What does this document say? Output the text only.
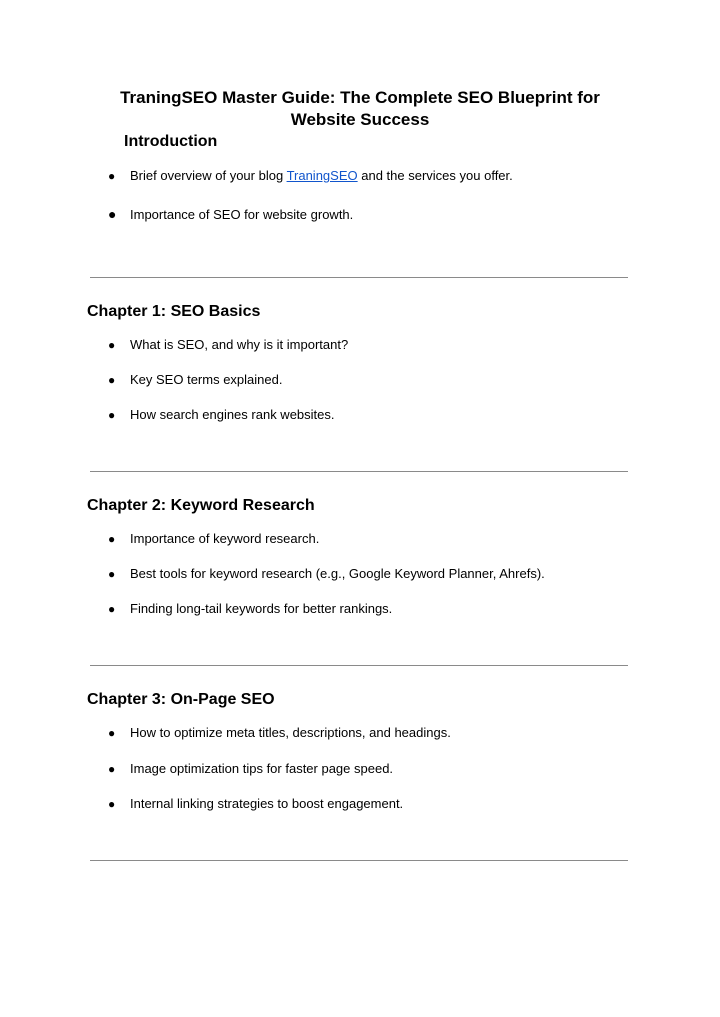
TraningSEO Master Guide: The Complete SEO Blueprint for
Website Success
Introduction
● Brief overview of your blog TraningSEO and the services you offer.
● Importance of SEO for website growth.
Chapter 1: SEO Basics
● What is SEO, and why is it important?
● Key SEO terms explained.
● How search engines rank websites.
Chapter 2: Keyword Research
● Importance of keyword research.
● Best tools for keyword research (e.g., Google Keyword Planner, Ahrefs).
● Finding long-tail keywords for better rankings.
Chapter 3: On-Page SEO
● How to optimize meta titles, descriptions, and headings.
● Image optimization tips for faster page speed.
● Internal linking strategies to boost engagement.
